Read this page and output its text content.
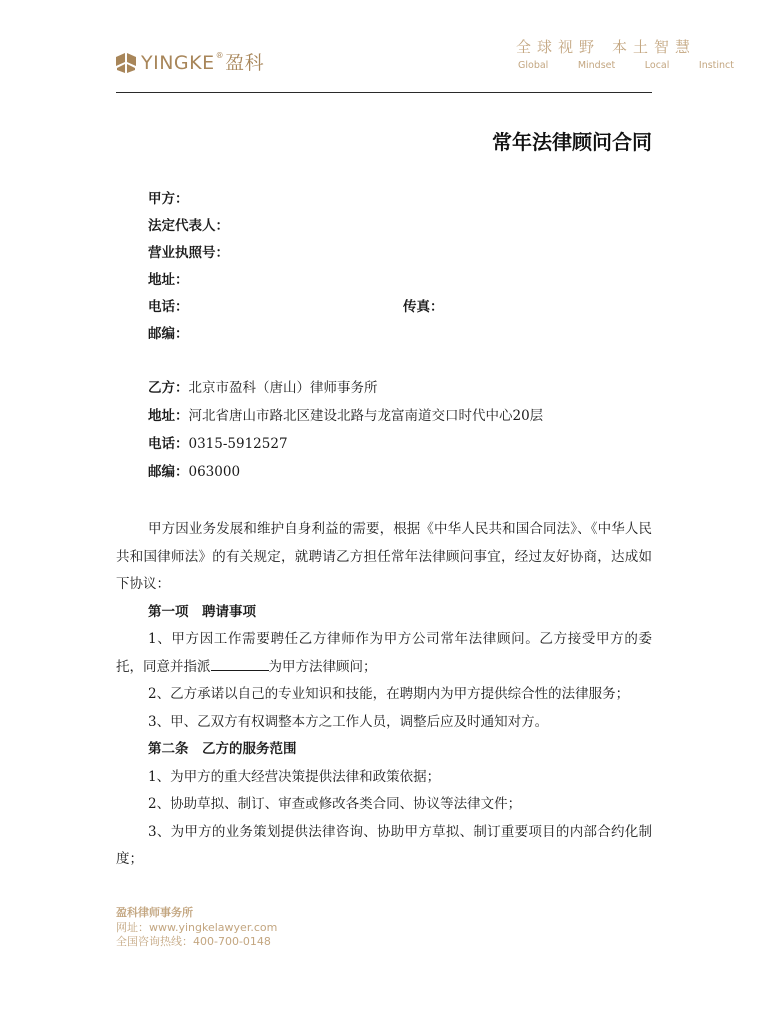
YINGKE®盈科
全球视野 本土智慧
Global	Mindset	Local	Instinct
常年法律顾问合同
甲方：
法定代表人：
营业执照号：
地址：
电话：	传真：
邮编：
乙方：北京市盈科（唐山）律师事务所
地址：河北省唐山市路北区建设北路与龙富南道交口时代中心20层
电话：0315-5912527
邮编：063000

甲方因业务发展和维护自身利益的需要，根据《中华人民共和国合同法》、《中华人民共和国律师法》的有关规定，就聘请乙方担任常年法律顾问事宜，经过友好协商，达成如下协议：

第一项　聘请事项

1、甲方因工作需要聘任乙方律师作为甲方公司常年法律顾问。乙方接受甲方的委托，同意并指派	为甲方法律顾问；

2、乙方承诺以自己的专业知识和技能，在聘期内为甲方提供综合性的法律服务；

3、甲、乙双方有权调整本方之工作人员，调整后应及时通知对方。

第二条　乙方的服务范围

1、为甲方的重大经营决策提供法律和政策依据；

2、协助草拟、制订、审查或修改各类合同、协议等法律文件；

3、为甲方的业务策划提供法律咨询、协助甲方草拟、制订重要项目的内部合约化制度；

盈科律师事务所
网址：www.yingkelawyer.com
全国咨询热线：400-700-0148
